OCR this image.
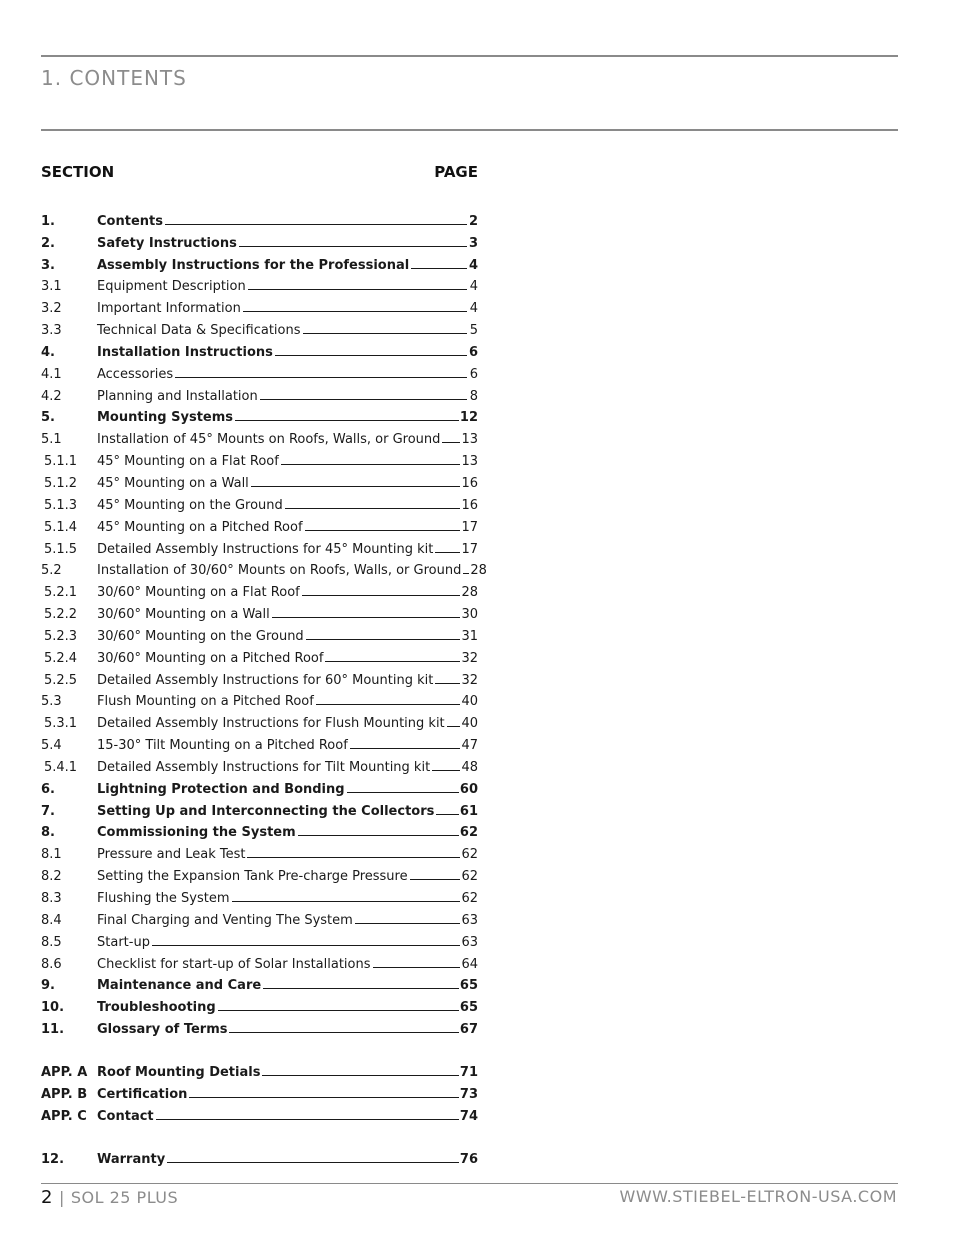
1. CONTENTS
SECTION	PAGE
1.	Contents	2
2.	Safety Instructions	3
3.	Assembly Instructions for the Professional	4
3.1	Equipment Description	4
3.2	Important Information	4
3.3	Technical Data & Specifications	5
4.	Installation Instructions	6
4.1	Accessories	6
4.2	Planning and Installation	8
5.	Mounting Systems	12
5.1	Installation of 45° Mounts on Roofs, Walls, or Ground 13
5.1.1	45° Mounting on a Flat Roof	13
5.1.2	45° Mounting on a Wall	16
5.1.3	45° Mounting on the Ground	16
5.1.4	45° Mounting on a Pitched Roof	17
5.1.5	Detailed Assembly Instructions for 45° Mounting kit 17
5.2	Installation of 30/60° Mounts on Roofs, Walls, or Ground 28
5.2.1	30/60° Mounting on a Flat Roof	28
5.2.2	30/60° Mounting on a Wall	30
5.2.3	30/60° Mounting on the Ground	31
5.2.4	30/60° Mounting on a Pitched Roof	32
5.2.5	Detailed Assembly Instructions for 60° Mounting kit 32
5.3	Flush Mounting on a Pitched Roof	40
5.3.1	Detailed Assembly Instructions for Flush Mounting kit 40
5.4	15-30° Tilt Mounting on a Pitched Roof	47
5.4.1	Detailed Assembly Instructions for Tilt Mounting kit 48
6.	Lightning Protection and Bonding	60
7.	Setting Up and Interconnecting the Collectors 61
8.	Commissioning the System	62
8.1	Pressure and Leak Test	62
8.2	Setting the Expansion Tank Pre-charge Pressure	62
8.3	Flushing the System	62
8.4	Final Charging and Venting The System	63
8.5	Start-up	63
8.6	Checklist for start-up of Solar Installations	64
9.	Maintenance and Care	65
10.	Troubleshooting	65
11.	Glossary of Terms	67
APP. A Roof Mounting Detials	71
APP. B Certification	73
APP. C Contact	74
12.	Warranty	76
2 | SOL 25 PLUS	WWW.STIEBEL-ELTRON-USA.COM
